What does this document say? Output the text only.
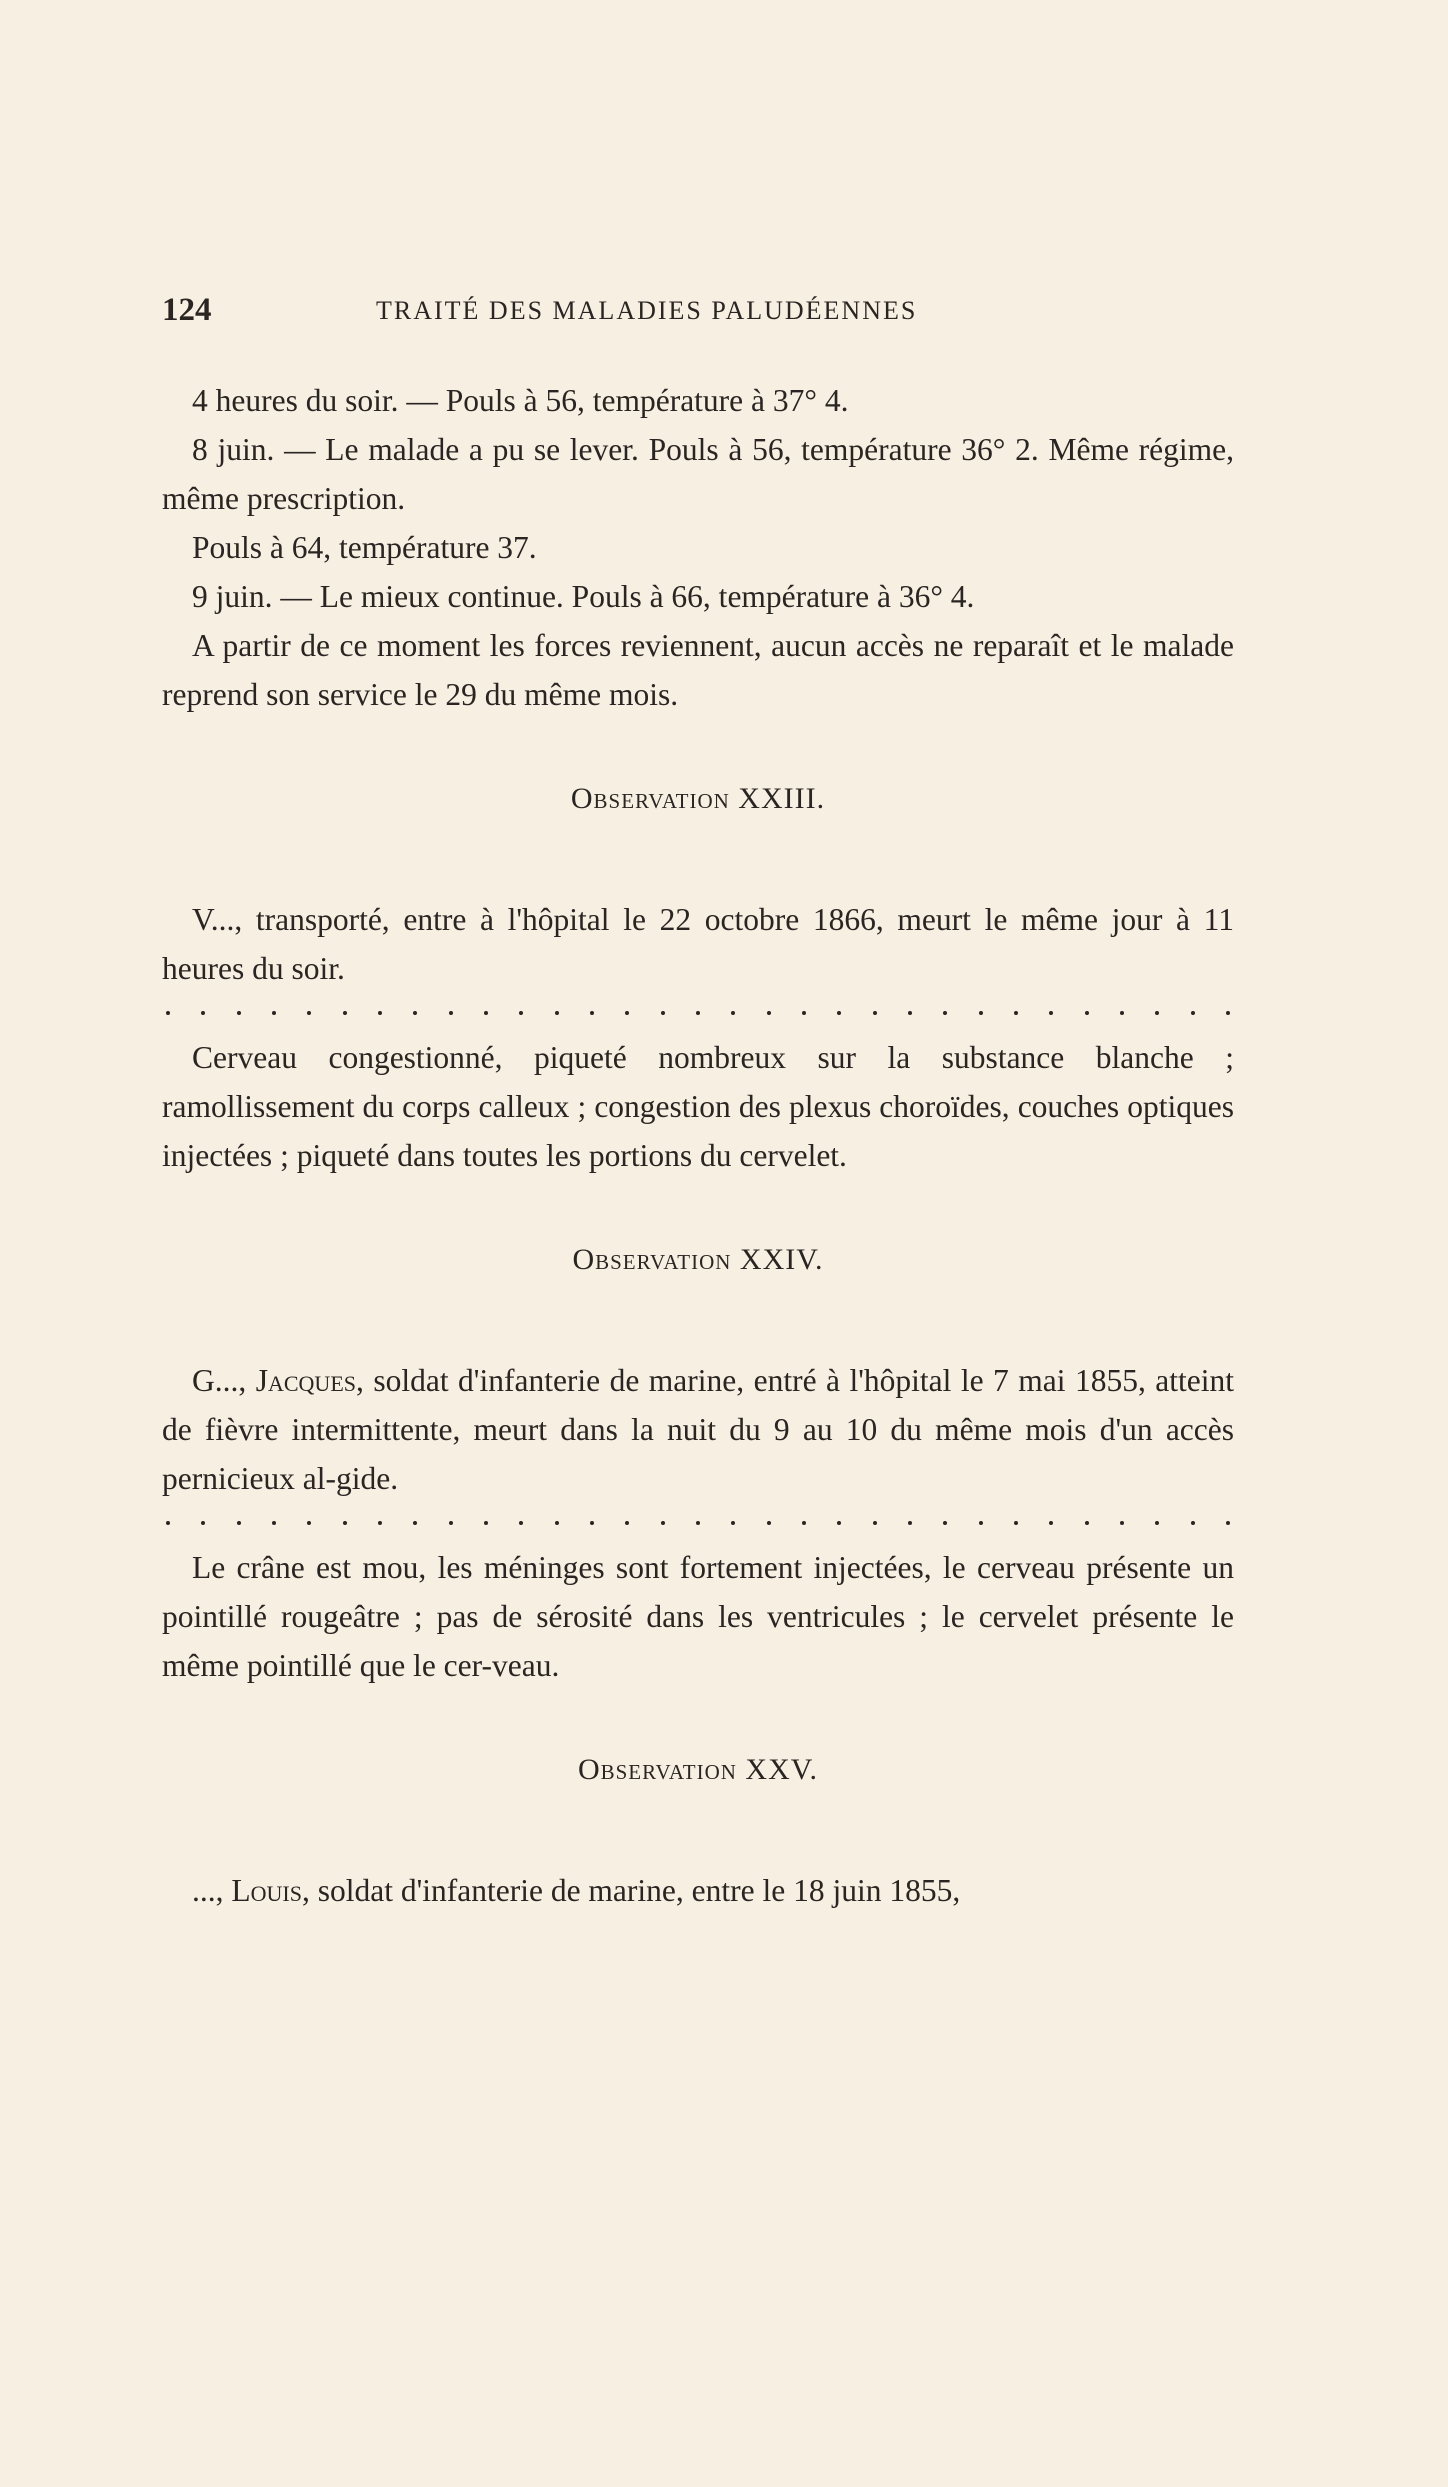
124	TRAITÉ DES MALADIES PALUDÉENNES

4 heures du soir. — Pouls à 56, température à 37° 4.

8 juin. — Le malade a pu se lever. Pouls à 56, température 36° 2. Même régime, même prescription.

Pouls à 64, température 37.

9 juin. — Le mieux continue. Pouls à 66, température à 36° 4.

A partir de ce moment les forces reviennent, aucun accès ne reparaît et le malade reprend son service le 29 du même mois.

Observation XXIII.

V..., transporté, entre à l'hôpital le 22 octobre 1866, meurt le même jour à 11 heures du soir.

Cerveau congestionné, piqueté nombreux sur la substance blanche ; ramollissement du corps calleux ; congestion des plexus choroïdes, couches optiques injectées ; piqueté dans toutes les portions du cervelet.

Observation XXIV.

G..., Jacques, soldat d'infanterie de marine, entré à l'hôpital le 7 mai 1855, atteint de fièvre intermittente, meurt dans la nuit du 9 au 10 du même mois d'un accès pernicieux al-gide.

Le crâne est mou, les méninges sont fortement injectées, le cerveau présente un pointillé rougeâtre ; pas de sérosité dans les ventricules ; le cervelet présente le même pointillé que le cer-veau.

Observation XXV.

..., Louis, soldat d'infanterie de marine, entre le 18 juin 1855,
